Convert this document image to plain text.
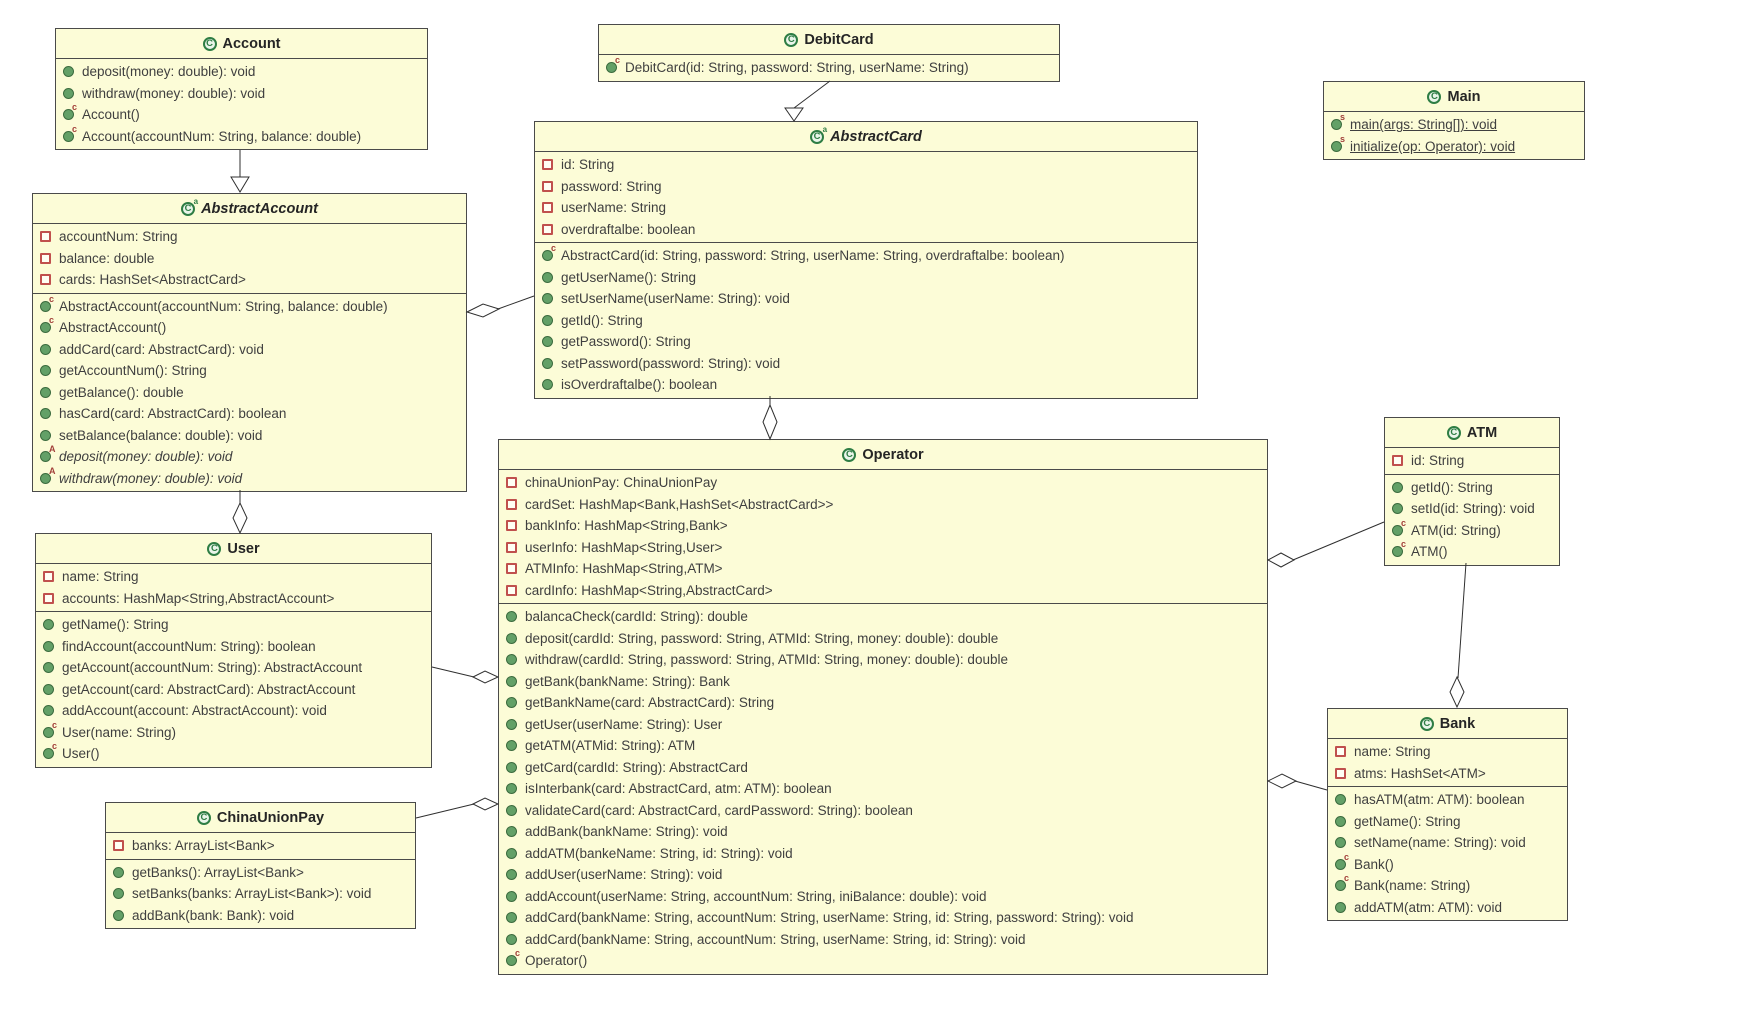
C Account
deposit(money: double): void
withdraw(money: double): void
c Account()
c Account(accountNum: String, balance: double)
C
a AbstractAccount
accountNum: String
balance: double
cards: HashSet<AbstractCard>
c AbstractAccount(accountNum: String, balance: double)
c AbstractAccount()
addCard(card: AbstractCard): void
getAccountNum(): String
getBalance(): double
hasCard(card: AbstractCard): boolean
setBalance(balance: double): void
A deposit(money: double): void
A withdraw(money: double): void
C User
name: String
accounts: HashMap<String,AbstractAccount>
getName(): String
findAccount(accountNum: String): boolean
getAccount(accountNum: String): AbstractAccount
getAccount(card: AbstractCard): AbstractAccount
addAccount(account: AbstractAccount): void
c User(name: String)
c User()
C ChinaUnionPay
banks: ArrayList<Bank>
getBanks(): ArrayList<Bank>
setBanks(banks: ArrayList<Bank>): void
addBank(bank: Bank): void
C DebitCard
c DebitCard(id: String, password: String, userName: String)
C
a AbstractCard
id: String
password: String
userName: String
overdraftalbe: boolean
c AbstractCard(id: String, password: String, userName: String, overdraftalbe: boolean)
getUserName(): String
setUserName(userName: String): void
getId(): String
getPassword(): String
setPassword(password: String): void
isOverdraftalbe(): boolean
C Operator
chinaUnionPay: ChinaUnionPay
cardSet: HashMap<Bank,HashSet<AbstractCard>>
bankInfo: HashMap<String,Bank>
userInfo: HashMap<String,User>
ATMInfo: HashMap<String,ATM>
cardInfo: HashMap<String,AbstractCard>
balancaCheck(cardId: String): double
deposit(cardId: String, password: String, ATMId: String, money: double): double
withdraw(cardId: String, password: String, ATMId: String, money: double): double
getBank(bankName: String): Bank
getBankName(card: AbstractCard): String
getUser(userName: String): User
getATM(ATMid: String): ATM
getCard(cardId: String): AbstractCard
isInterbank(card: AbstractCard, atm: ATM): boolean
validateCard(card: AbstractCard, cardPassword: String): boolean
addBank(bankName: String): void
addATM(bankeName: String, id: String): void
addUser(userName: String): void
addAccount(userName: String, accountNum: String, iniBalance: double): void
addCard(bankName: String, accountNum: String, userName: String, id: String, password: String): void
addCard(bankName: String, accountNum: String, userName: String, id: String): void
c Operator()
C Main
s main(args: String[]): void
s initialize(op: Operator): void
C ATM
id: String
getId(): String
setId(id: String): void
c ATM(id: String)
c ATM()
C Bank
name: String
atms: HashSet<ATM>
hasATM(atm: ATM): boolean
getName(): String
setName(name: String): void
c Bank()
c Bank(name: String)
addATM(atm: ATM): void
